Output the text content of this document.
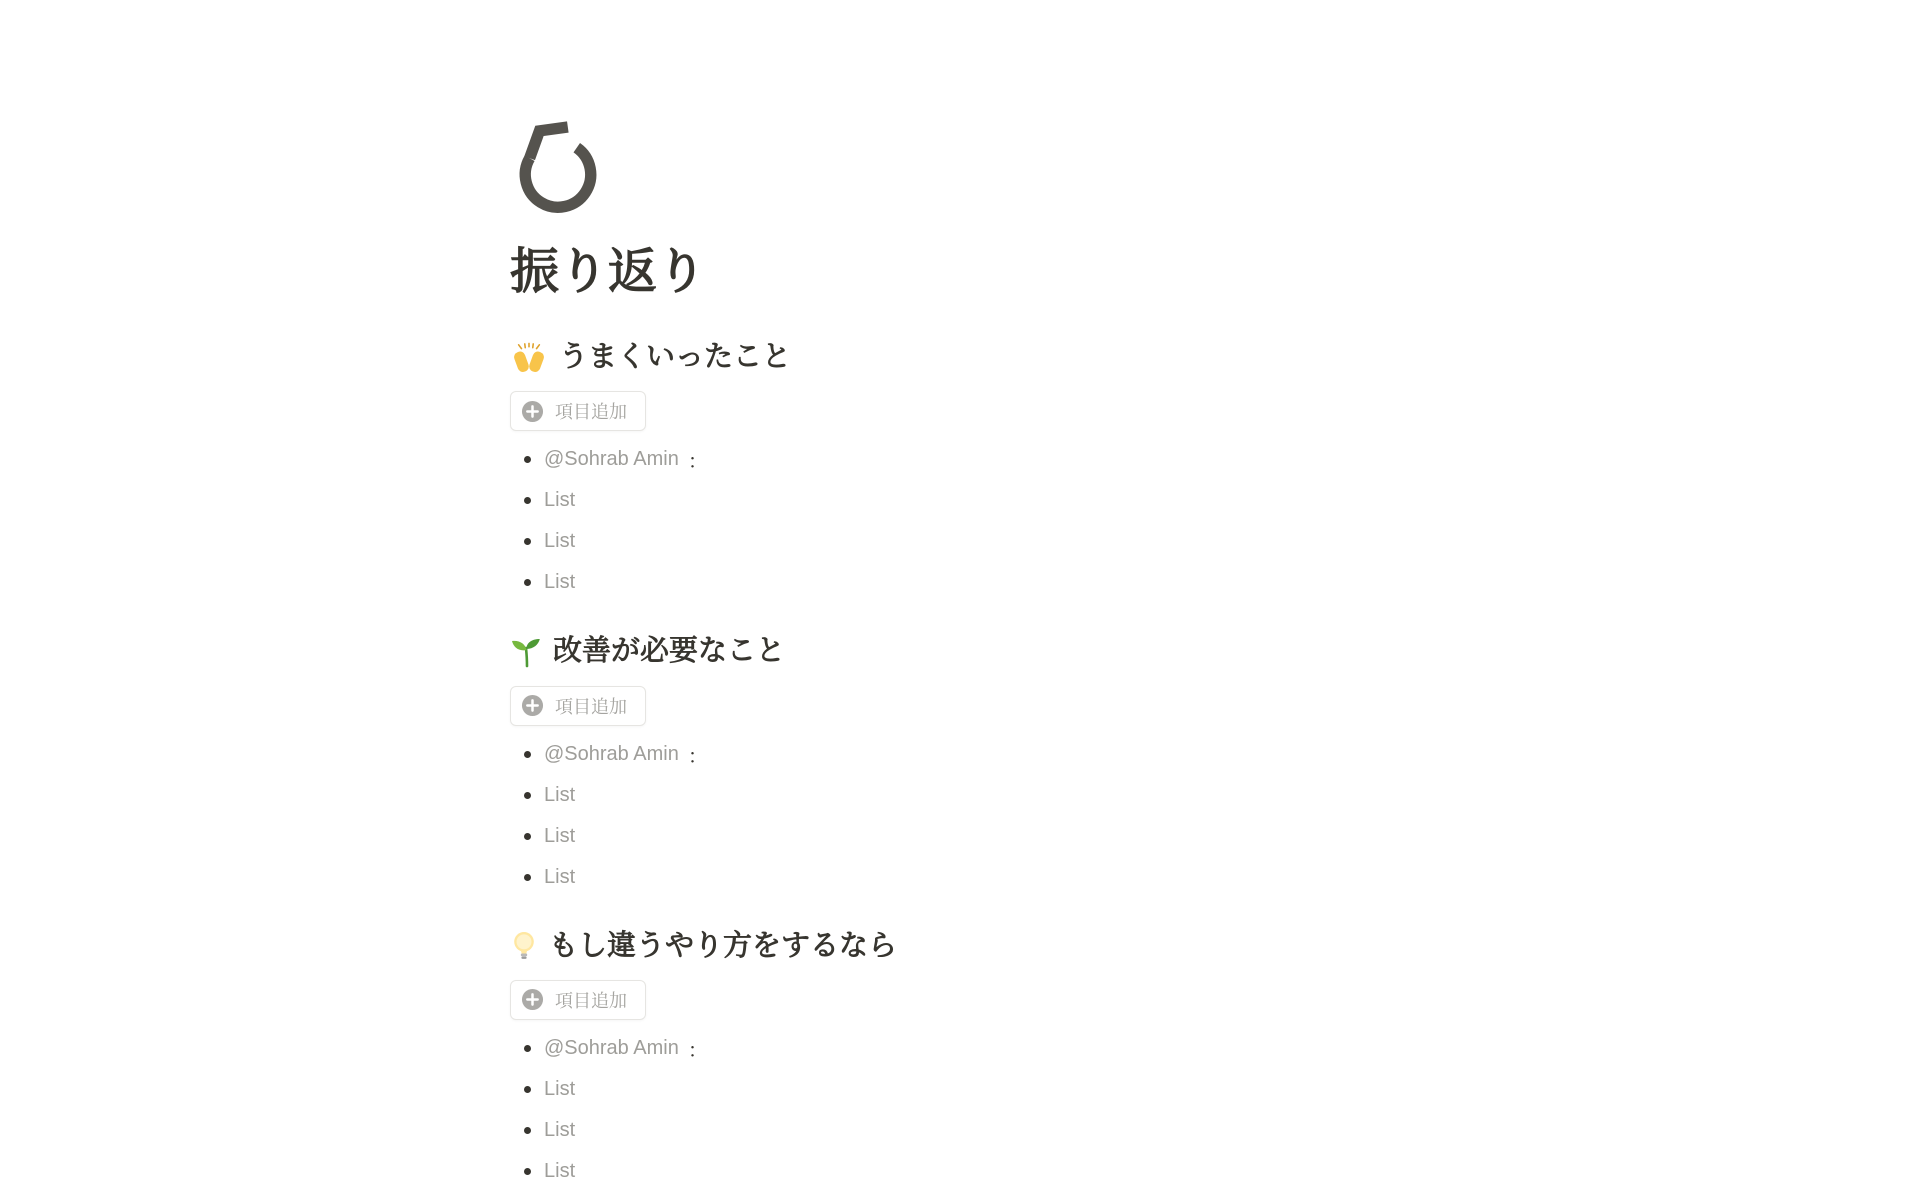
振り返り
うまくいったこと
項目追加
@Sohrab Amin ：
List
List
List
改善が必要なこと
項目追加
@Sohrab Amin ：
List
List
List
もし違うやり方をするなら
項目追加
@Sohrab Amin ：
List
List
List
